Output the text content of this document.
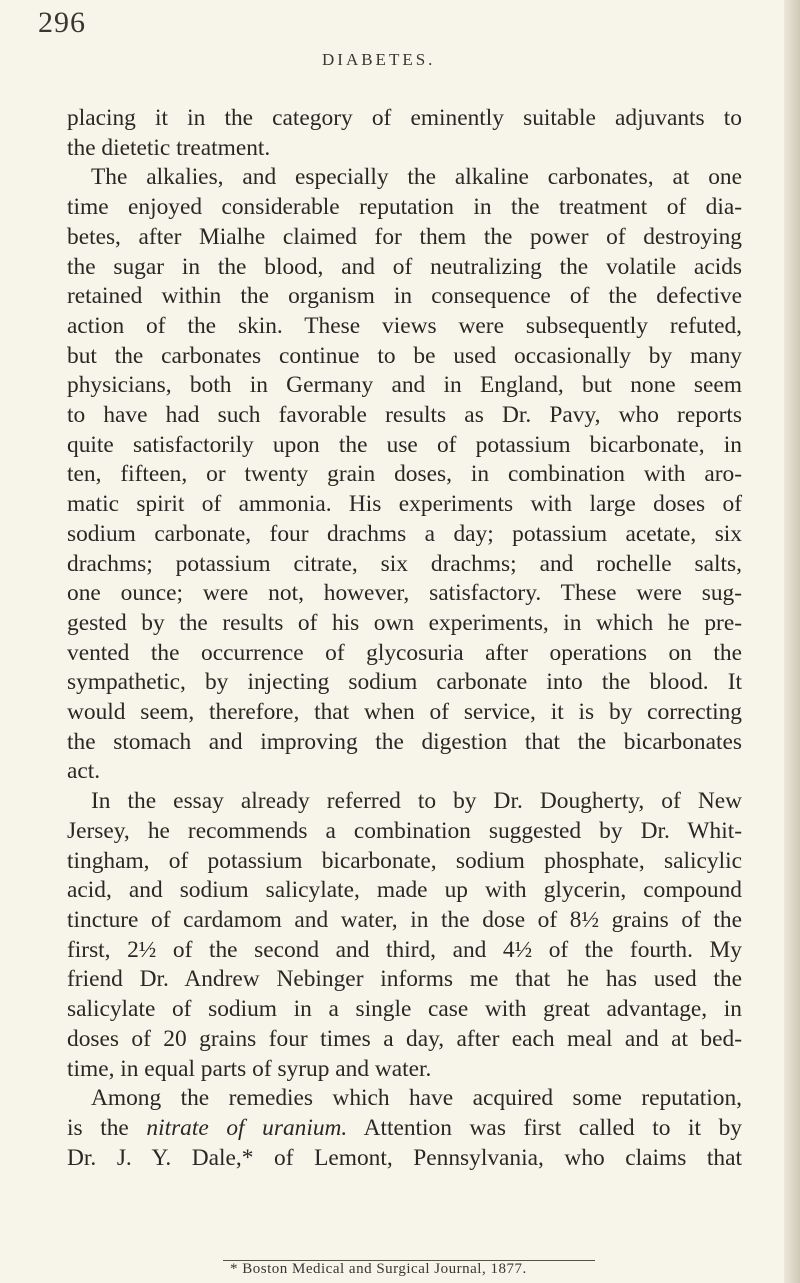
296
DIABETES.
placing it in the category of eminently suitable adjuvants to
the dietetic treatment.
The alkalies, and especially the alkaline carbonates, at one
time enjoyed considerable reputation in the treatment of dia-
betes, after Mialhe claimed for them the power of destroying
the sugar in the blood, and of neutralizing the volatile acids
retained within the organism in consequence of the defective
action of the skin. These views were subsequently refuted,
but the carbonates continue to be used occasionally by many
physicians, both in Germany and in England, but none seem
to have had such favorable results as Dr. Pavy, who reports
quite satisfactorily upon the use of potassium bicarbonate, in
ten, fifteen, or twenty grain doses, in combination with aro-
matic spirit of ammonia. His experiments with large doses of
sodium carbonate, four drachms a day; potassium acetate, six
drachms; potassium citrate, six drachms; and rochelle salts,
one ounce; were not, however, satisfactory. These were sug-
gested by the results of his own experiments, in which he pre-
vented the occurrence of glycosuria after operations on the
sympathetic, by injecting sodium carbonate into the blood. It
would seem, therefore, that when of service, it is by correcting
the stomach and improving the digestion that the bicarbonates
act.
In the essay already referred to by Dr. Dougherty, of New
Jersey, he recommends a combination suggested by Dr. Whit-
tingham, of potassium bicarbonate, sodium phosphate, salicylic
acid, and sodium salicylate, made up with glycerin, compound
tincture of cardamom and water, in the dose of 8½ grains of the
first, 2½ of the second and third, and 4½ of the fourth. My
friend Dr. Andrew Nebinger informs me that he has used the
salicylate of sodium in a single case with great advantage, in
doses of 20 grains four times a day, after each meal and at bed-
time, in equal parts of syrup and water.
Among the remedies which have acquired some reputation,
is the nitrate of uranium. Attention was first called to it by
Dr. J. Y. Dale,* of Lemont, Pennsylvania, who claims that
* Boston Medical and Surgical Journal, 1877.
